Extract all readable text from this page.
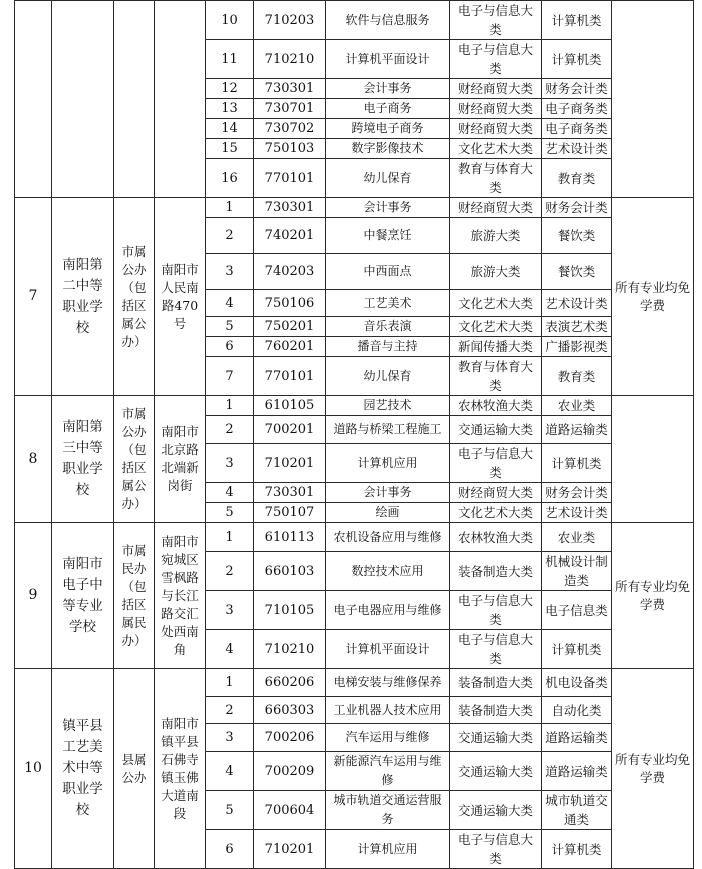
				10	710203	软件与信息服务	电子与信息大类	计算机类	
				11	710210	计算机平面设计	电子与信息大类	计算机类	
				12	730301	会计事务	财经商贸大类	财务会计类	
				13	730701	电子商务	财经商贸大类	电子商务类	
				14	730702	跨境电子商务	财经商贸大类	电子商务类	
				15	750103	数字影像技术	文化艺术大类	艺术设计类	
				16	770101	幼儿保育	教育与体育大类	教育类	
7	南阳第二中等职业学校	市属公办（包括区属公办）	南阳市人民南路470号	1	730301	会计事务	财经商贸大类	财务会计类	所有专业均免学费
				2	740201	中餐烹饪	旅游大类	餐饮类	
				3	740203	中西面点	旅游大类	餐饮类	
				4	750106	工艺美术	文化艺术大类	艺术设计类	
				5	750201	音乐表演	文化艺术大类	表演艺术类	
				6	760201	播音与主持	新闻传播大类	广播影视类	
				7	770101	幼儿保育	教育与体育大类	教育类	
8	南阳第三中等职业学校	市属公办（包括区属公办）	南阳市北京路北端新岗街	1	610105	园艺技术	农林牧渔大类	农业类	
				2	700201	道路与桥梁工程施工	交通运输大类	道路运输类	
				3	710201	计算机应用	电子与信息大类	计算机类	
				4	730301	会计事务	财经商贸大类	财务会计类	
				5	750107	绘画	文化艺术大类	艺术设计类	
9	南阳市电子中等专业学校	市属民办（包括区属民办）	南阳市宛城区雪枫路与长江路交汇处西南角	1	610113	农机设备应用与维修	农林牧渔大类	农业类	所有专业均免学费
				2	660103	数控技术应用	装备制造大类	机械设计制造类	
				3	710105	电子电器应用与维修	电子与信息大类	电子信息类	
				4	710210	计算机平面设计	电子与信息大类	计算机类	
10	镇平县工艺美术中等职业学校	县属公办	南阳市镇平县石佛寺镇玉佛大道南段	1	660206	电梯安装与维修保养	装备制造大类	机电设备类	所有专业均免学费
				2	660303	工业机器人技术应用	装备制造大类	自动化类	
				3	700206	汽车运用与维修	交通运输大类	道路运输类	
				4	700209	新能源汽车运用与维修	交通运输大类	道路运输类	
				5	700604	城市轨道交通运营服务	交通运输大类	城市轨道交通类	
				6	710201	计算机应用	电子与信息大类	计算机类	
